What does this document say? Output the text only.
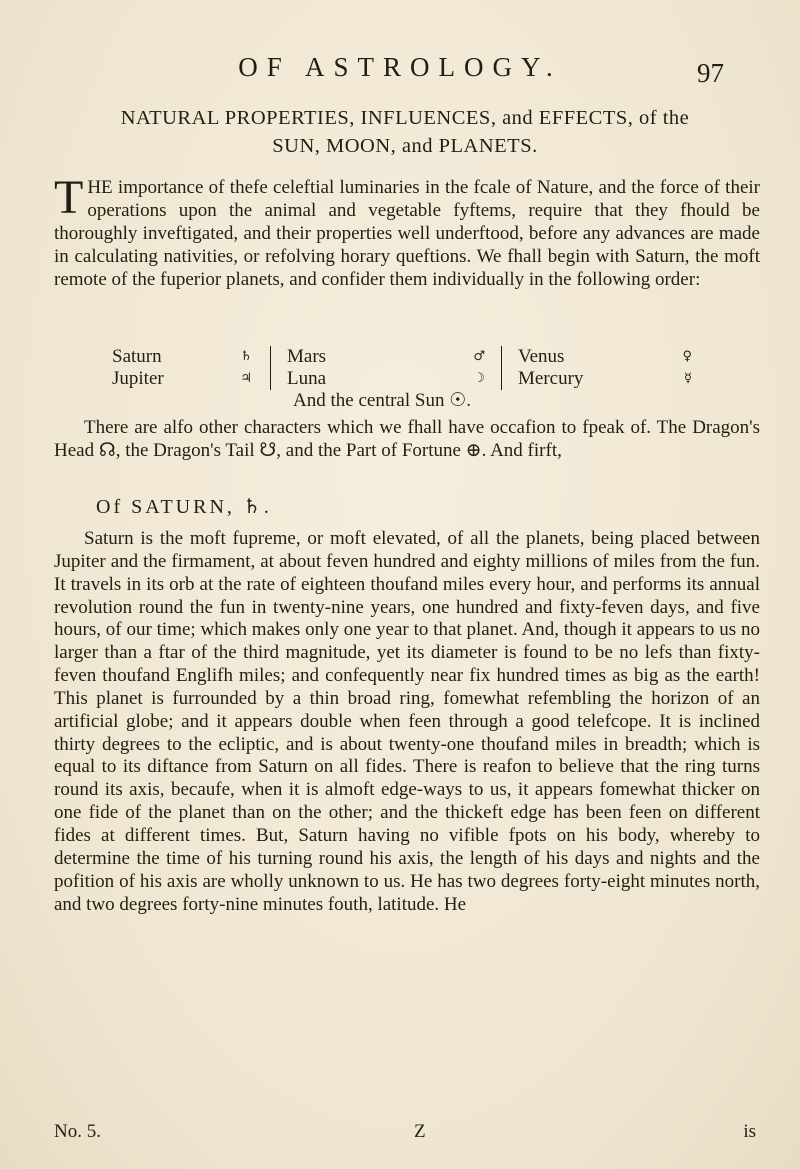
OF ASTROLOGY.	97
NATURAL PROPERTIES, INFLUENCES, and EFFECTS, of the
SUN, MOON, and PLANETS.
THE importance of thefe celeftial luminaries in the fcale of Nature, and the force of their operations upon the animal and vegetable fyftems, require that they fhould be thoroughly inveftigated, and their properties well underftood, before any advances are made in calculating nativities, or refolving horary queftions. We fhall begin with Saturn, the moft remote of the fuperior planets, and confider them individually in the following order:
Saturn	♄ Mars	♂ Venus	♀
Jupiter	♃ Luna	☽ Mercury	☿
And the central Sun ☉.
There are alfo other characters which we fhall have occafion to fpeak of. The Dragon's Head ☊, the Dragon's Tail ☋, and the Part of Fortune ⊕. And firft,
Of SATURN, ♄.
Saturn is the moft fupreme, or moft elevated, of all the planets, being placed between Jupiter and the firmament, at about feven hundred and eighty millions of miles from the fun. It travels in its orb at the rate of eighteen thoufand miles every hour, and performs its annual revolution round the fun in twenty-nine years, one hundred and fixty-feven days, and five hours, of our time; which makes only one year to that planet. And, though it appears to us no larger than a ftar of the third magnitude, yet its diameter is found to be no lefs than fixty-feven thoufand Englifh miles; and confequently near fix hundred times as big as the earth! This planet is furrounded by a thin broad ring, fomewhat refembling the horizon of an artificial globe; and it appears double when feen through a good telefcope. It is inclined thirty degrees to the ecliptic, and is about twenty-one thoufand miles in breadth; which is equal to its diftance from Saturn on all fides. There is reafon to believe that the ring turns round its axis, becaufe, when it is almoft edge-ways to us, it appears fomewhat thicker on one fide of the planet than on the other; and the thickeft edge has been feen on different fides at different times. But, Saturn having no vifible fpots on his body, whereby to determine the time of his turning round his axis, the length of his days and nights and the pofition of his axis are wholly unknown to us. He has two degrees forty-eight minutes north, and two degrees forty-nine minutes fouth, latitude. He
No. 5.	Z	is
